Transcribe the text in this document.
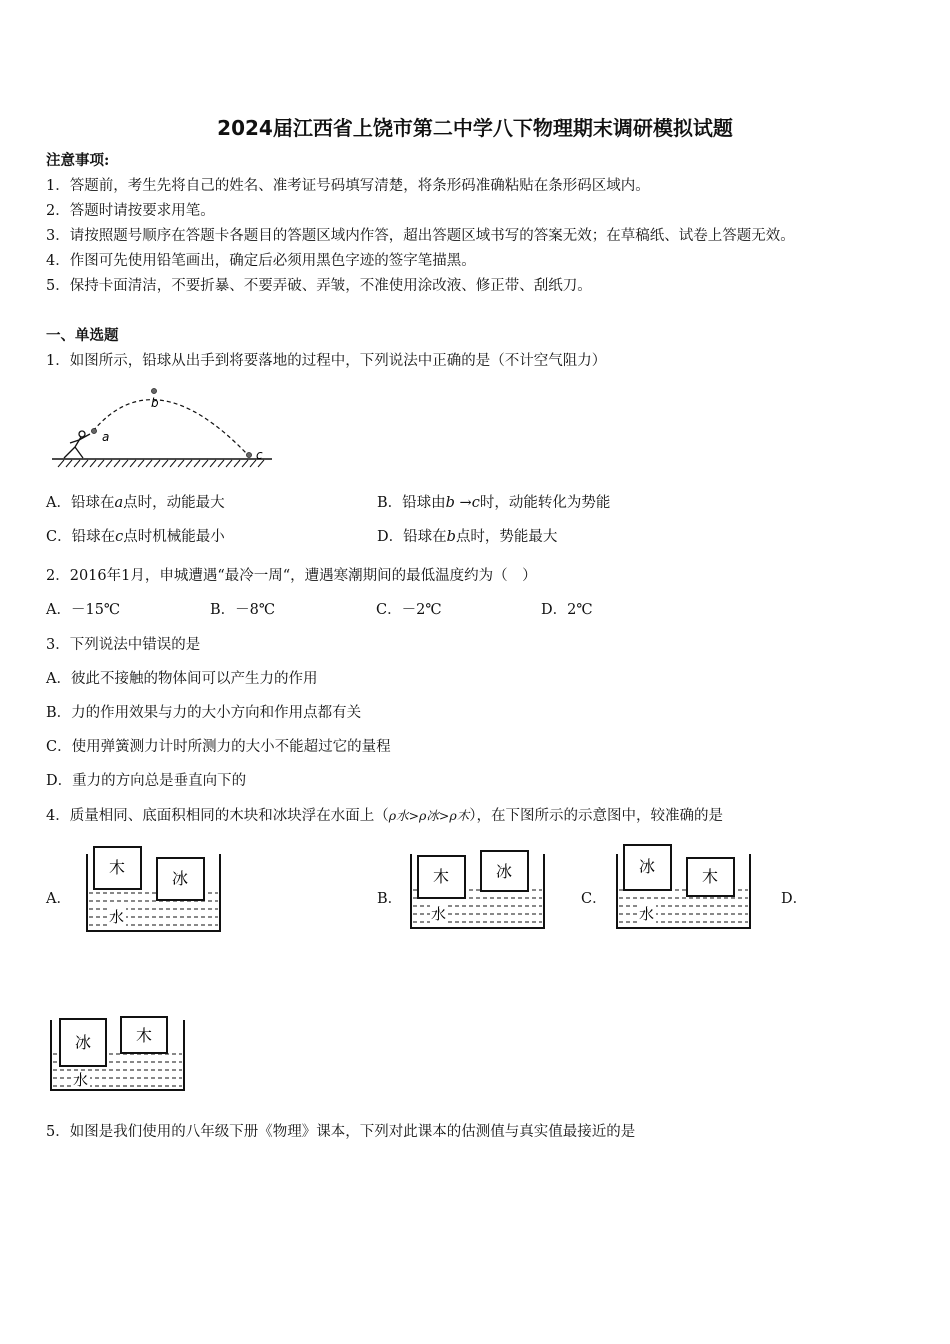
2024届江西省上饶市第二中学八下物理期末调研模拟试题
注意事项:
1．答题前，考生先将自己的姓名、准考证号码填写清楚，将条形码准确粘贴在条形码区域内。
2．答题时请按要求用笔。
3．请按照题号顺序在答题卡各题目的答题区域内作答，超出答题区域书写的答案无效；在草稿纸、试卷上答题无效。
4．作图可先使用铅笔画出，确定后必须用黑色字迹的签字笔描黑。
5．保持卡面清洁，不要折暴、不要弄破、弄皱，不准使用涂改液、修正带、刮纸刀。
一、单选题
1．如图所示，铅球从出手到将要落地的过程中，下列说法中正确的是（不计空气阻力）
a
b
c
A．铅球在a点时，动能最大	B．铅球由b →c时，动能转化为势能
C．铅球在c点时机械能最小	D．铅球在b点时，势能最大
2．2016年1月，申城遭遇“最冷一周“，遭遇寒潮期间的最低温度约为（　）
A．－15℃	B．－8℃	C．－2℃	D．2℃
3．下列说法中错误的是
A．彼此不接触的物体间可以产生力的作用
B．力的作用效果与力的大小方向和作用点都有关
C．使用弹簧测力计时所测力的大小不能超过它的量程
D．重力的方向总是垂直向下的
4．质量相同、底面积相同的木块和冰块浮在水面上（ρ水>ρ冰>ρ木），在下图所示的示意图中，较准确的是
A．
木
冰
水
B．
木	冰
水
C．
冰
木
水
D．
冰	木
水
5．如图是我们使用的八年级下册《物理》课本，下列对此课本的估测值与真实值最接近的是
